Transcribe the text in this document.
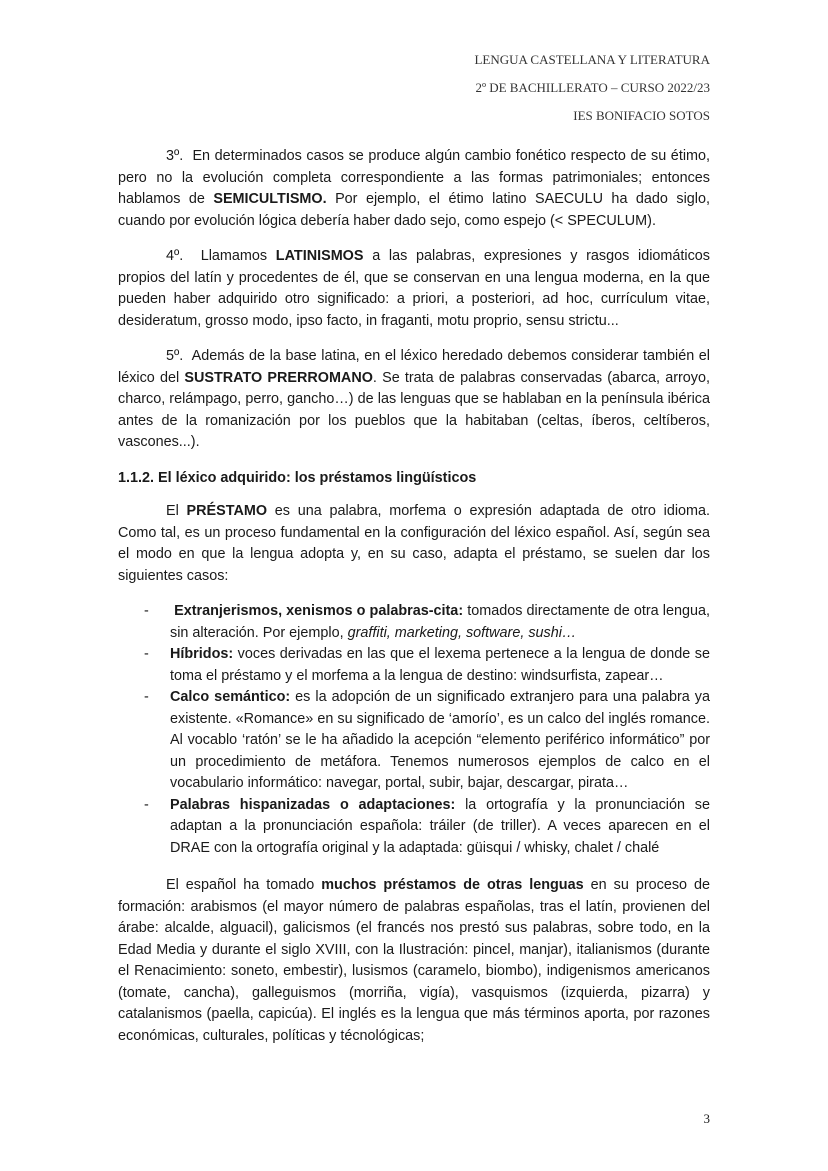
LENGUA CASTELLANA Y LITERATURA
2º DE BACHILLERATO – CURSO 2022/23
IES BONIFACIO SOTOS

3º. En determinados casos se produce algún cambio fonético respecto de su étimo, pero no la evolución completa correspondiente a las formas patrimoniales; entonces hablamos de SEMICULTISMO. Por ejemplo, el étimo latino SAECULU ha dado siglo, cuando por evolución lógica debería haber dado sejo, como espejo (< SPECULUM).

4º. Llamamos LATINISMOS a las palabras, expresiones y rasgos idiomáticos propios del latín y procedentes de él, que se conservan en una lengua moderna, en la que pueden haber adquirido otro significado: a priori, a posteriori, ad hoc, currículum vitae, desideratum, grosso modo, ipso facto, in fraganti, motu proprio, sensu strictu...

5º. Además de la base latina, en el léxico heredado debemos considerar también el léxico del SUSTRATO PRERROMANO. Se trata de palabras conservadas (abarca, arroyo, charco, relámpago, perro, gancho…) de las lenguas que se hablaban en la península ibérica antes de la romanización por los pueblos que la habitaban (celtas, íberos, celtíberos, vascones...).

1.1.2. El léxico adquirido: los préstamos lingüísticos

El PRÉSTAMO es una palabra, morfema o expresión adaptada de otro idioma. Como tal, es un proceso fundamental en la configuración del léxico español. Así, según sea el modo en que la lengua adopta y, en su caso, adapta el préstamo, se suelen dar los siguientes casos:

- Extranjerismos, xenismos o palabras-cita: tomados directamente de otra lengua, sin alteración. Por ejemplo, graffiti, marketing, software, sushi…
- Híbridos: voces derivadas en las que el lexema pertenece a la lengua de donde se toma el préstamo y el morfema a la lengua de destino: windsurfista, zapear…
- Calco semántico: es la adopción de un significado extranjero para una palabra ya existente. «Romance» en su significado de ‘amorío’, es un calco del inglés romance. Al vocablo ‘ratón’ se le ha añadido la acepción “elemento periférico informático” por un procedimiento de metáfora. Tenemos numerosos ejemplos de calco en el vocabulario informático: navegar, portal, subir, bajar, descargar, pirata…
- Palabras hispanizadas o adaptaciones: la ortografía y la pronunciación se adaptan a la pronunciación española: tráiler (de triller). A veces aparecen en el DRAE con la ortografía original y la adaptada: güisqui / whisky, chalet / chalé

El español ha tomado muchos préstamos de otras lenguas en su proceso de formación: arabismos (el mayor número de palabras españolas, tras el latín, provienen del árabe: alcalde, alguacil), galicismos (el francés nos prestó sus palabras, sobre todo, en la Edad Media y durante el siglo XVIII, con la Ilustración: pincel, manjar), italianismos (durante el Renacimiento: soneto, embestir), lusismos (caramelo, biombo), indigenismos americanos (tomate, cancha), galleguismos (morriña, vigía), vasquismos (izquierda, pizarra) y catalanismos (paella, capicúa). El inglés es la lengua que más términos aporta, por razones económicas, culturales, políticas y técnológicas;

3
